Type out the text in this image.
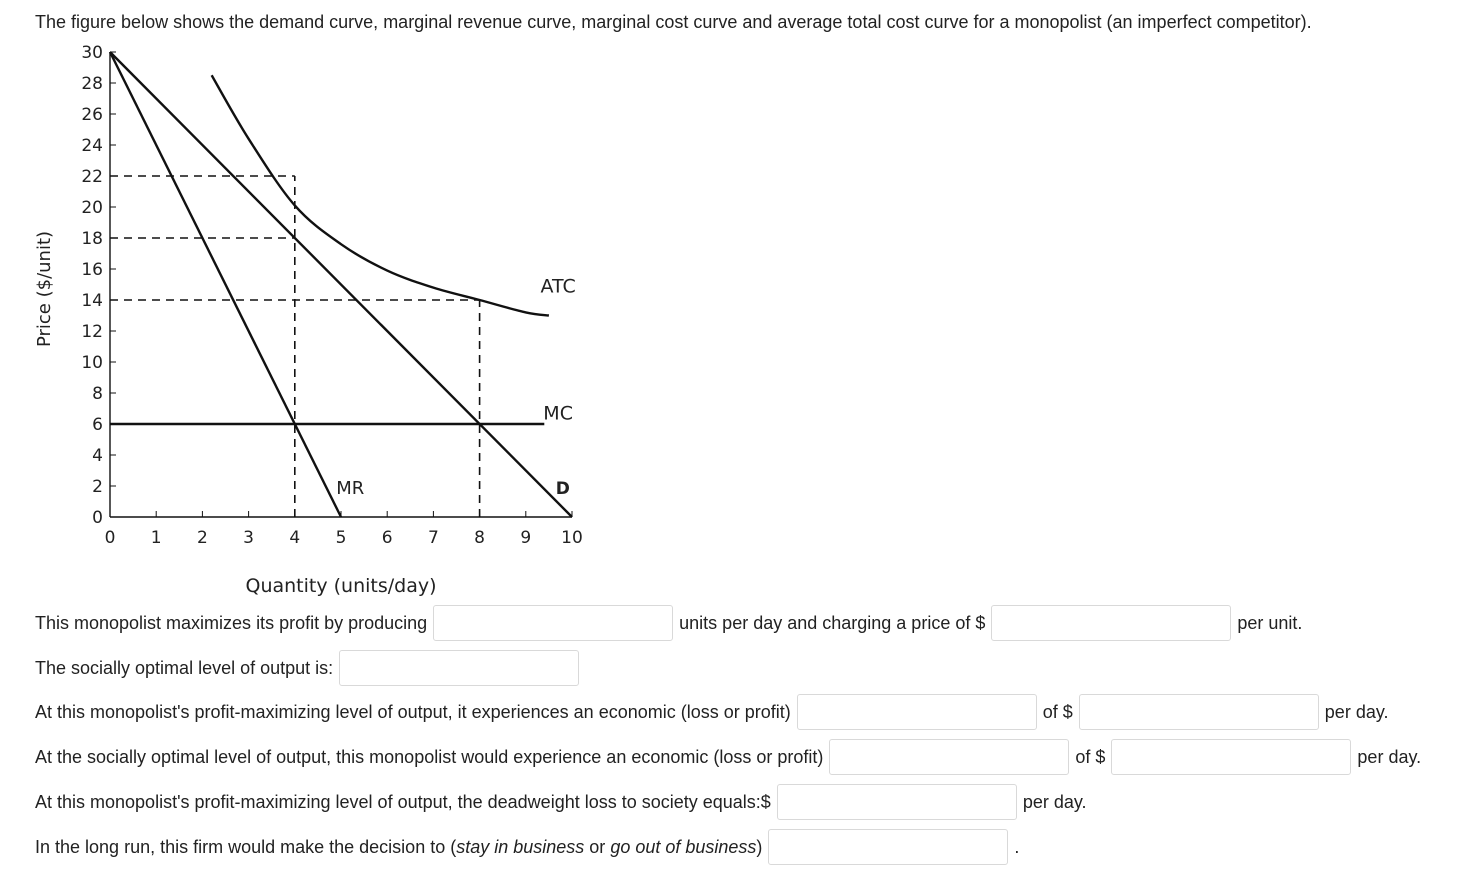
The figure below shows the demand curve, marginal revenue curve, marginal cost curve and average total cost curve for a monopolist (an imperfect competitor).
0
2
4
6
8
10
12
14
16
18
20
22
24
26
28
30
0 1 2 3 4 5 6 7 8 9 10
ATC
MC
MR	D
Quantity (units/day)
Price ($/unit)
This monopolist maximizes its profit by producing	units per day and charging a price of $	per unit.
The socially optimal level of output is:
At this monopolist's profit-maximizing level of output, it experiences an economic (loss or profit)	of $	per day.
At the socially optimal level of output, this monopolist would experience an economic (loss or profit)	of $	per day.
At this monopolist's profit-maximizing level of output, the deadweight loss to society equals:$	per day.
In the long run, this firm would make the decision to ( stay in business or go out of business )	.
